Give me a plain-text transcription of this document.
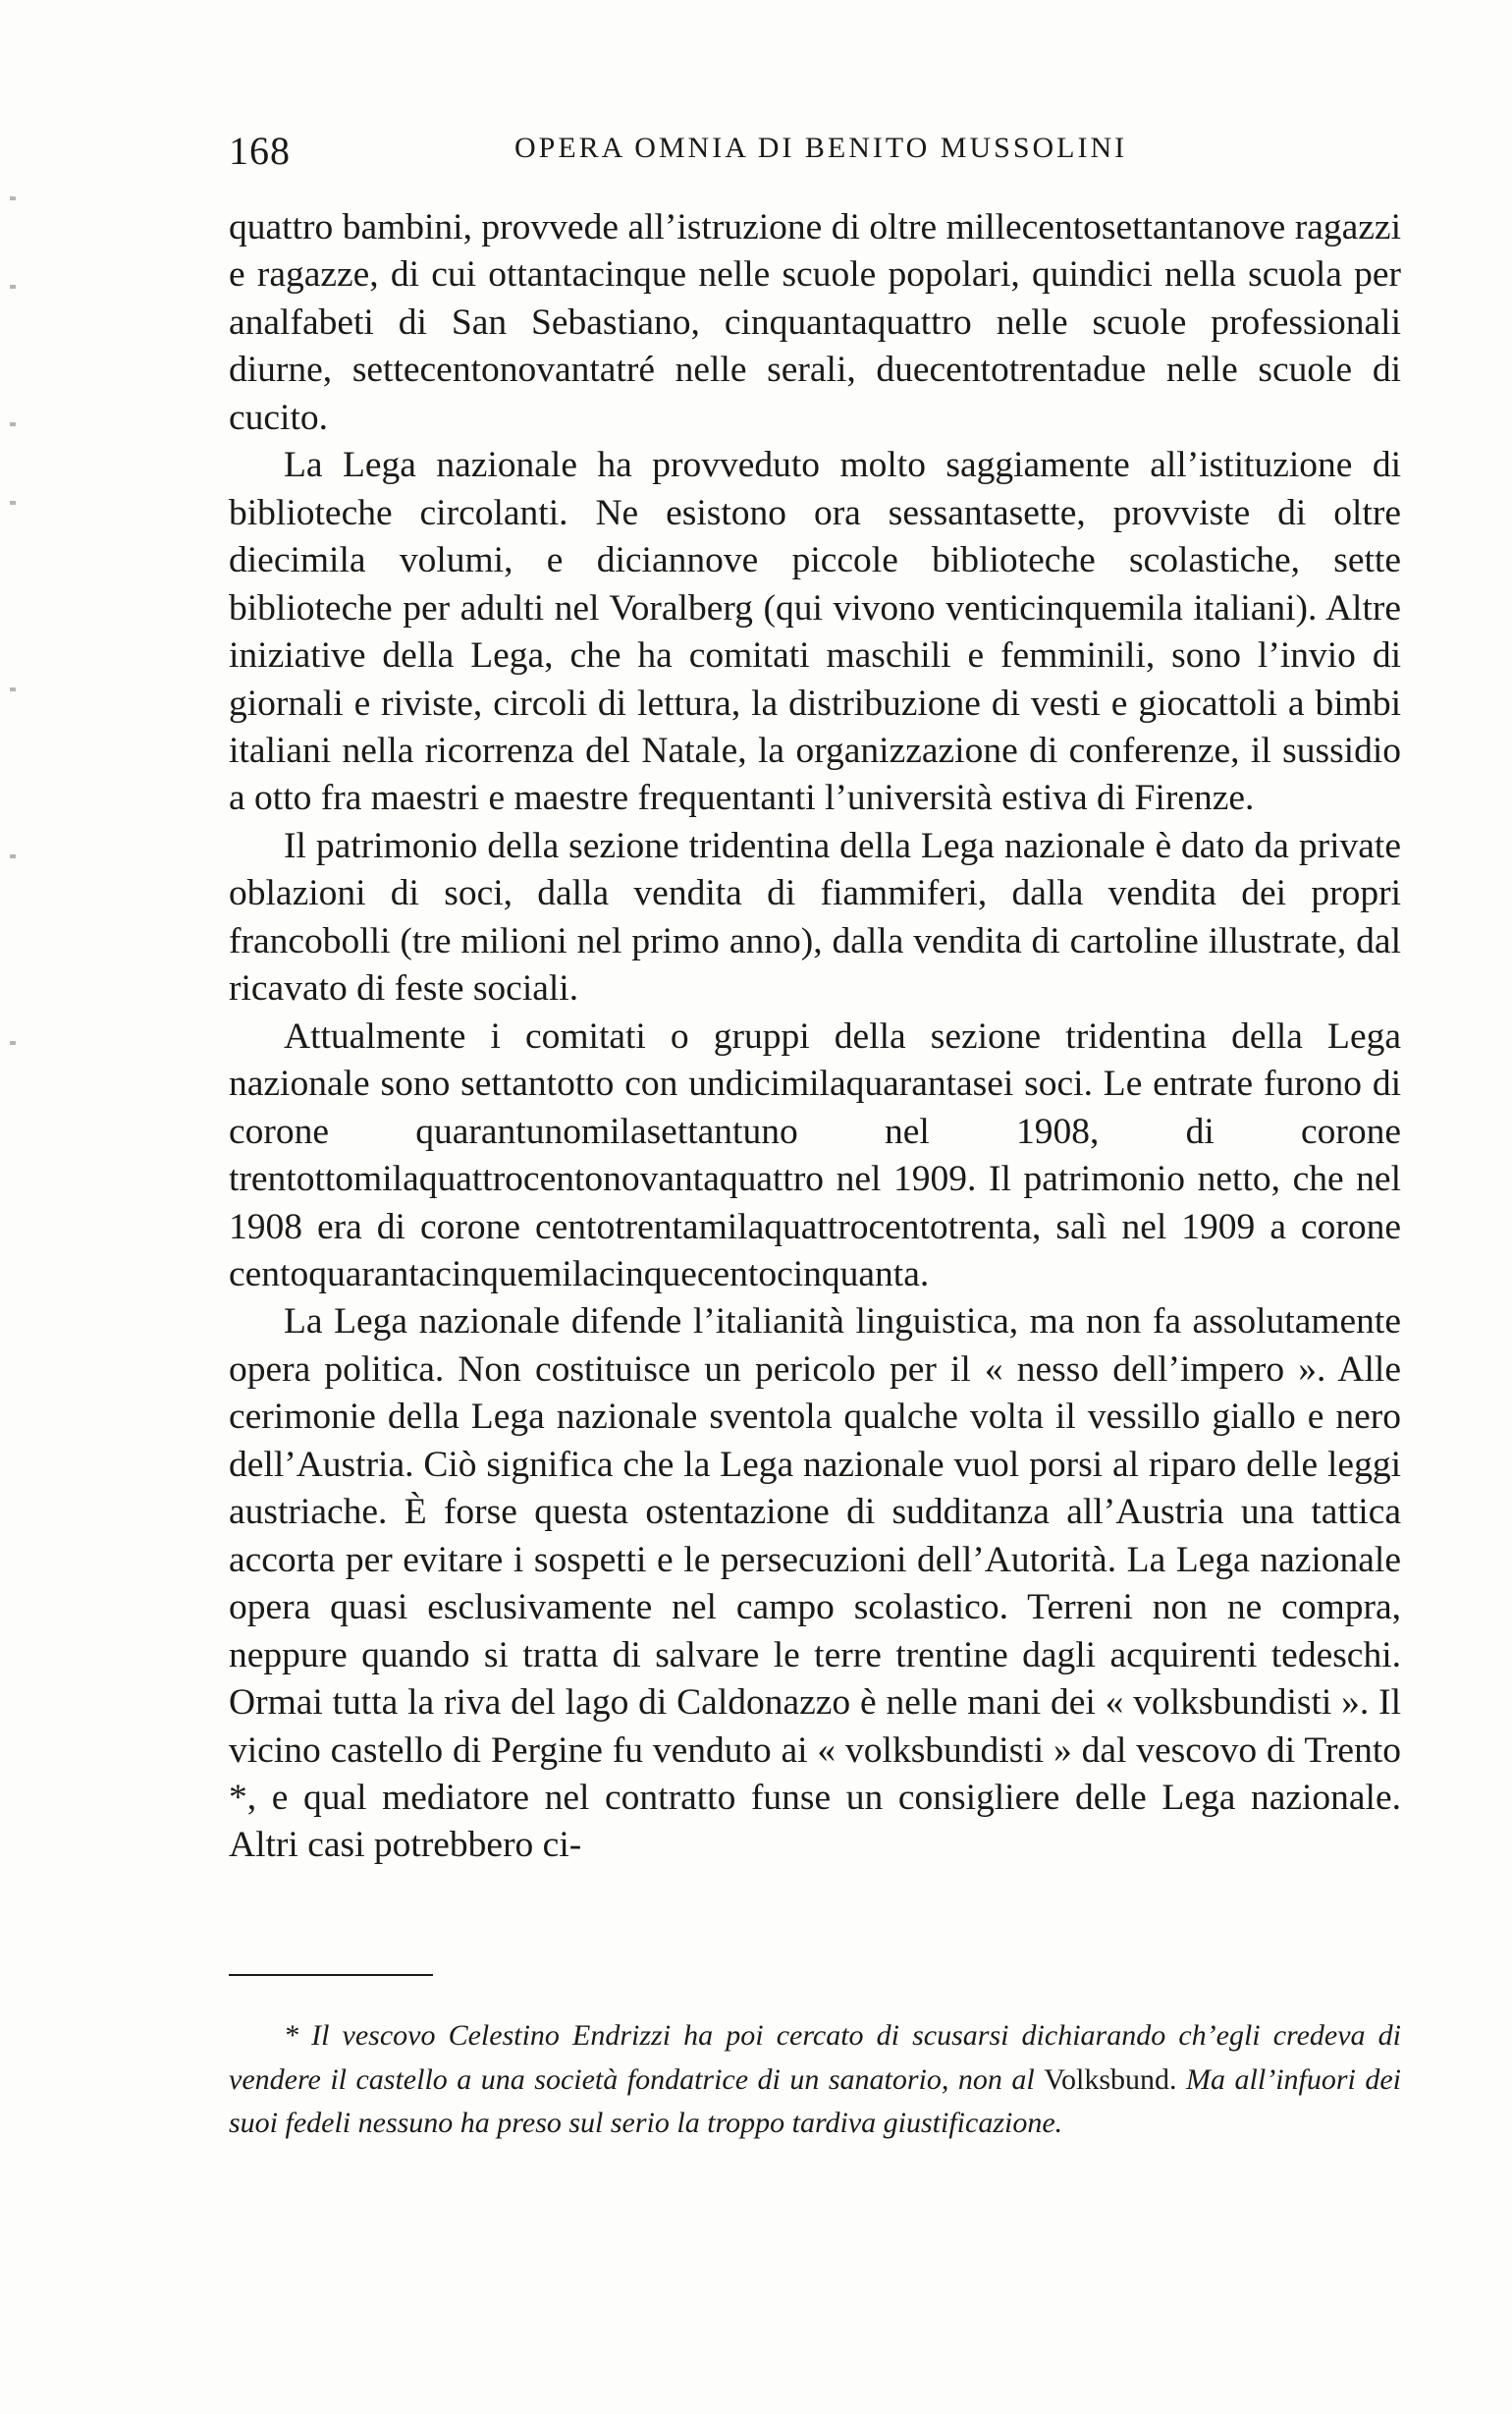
168	OPERA OMNIA DI BENITO MUSSOLINI

quattro bambini, provvede all’istruzione di oltre millecentosettantanove ragazzi e ragazze, di cui ottantacinque nelle scuole popolari, quindici nella scuola per analfabeti di San Sebastiano, cinquantaquattro nelle scuole professionali diurne, settecentonovantatré nelle serali, duecentotrentadue nelle scuole di cucito.

La Lega nazionale ha provveduto molto saggiamente all’istituzione di biblioteche circolanti. Ne esistono ora sessantasette, provviste di oltre diecimila volumi, e diciannove piccole biblioteche scolastiche, sette biblioteche per adulti nel Voralberg (qui vivono venticinquemila italiani). Altre iniziative della Lega, che ha comitati maschili e femminili, sono l’invio di giornali e riviste, circoli di lettura, la distribuzione di vesti e giocattoli a bimbi italiani nella ricorrenza del Natale, la organizzazione di conferenze, il sussidio a otto fra maestri e maestre frequentanti l’università estiva di Firenze.

Il patrimonio della sezione tridentina della Lega nazionale è dato da private oblazioni di soci, dalla vendita di fiammiferi, dalla vendita dei propri francobolli (tre milioni nel primo anno), dalla vendita di cartoline illustrate, dal ricavato di feste sociali.

Attualmente i comitati o gruppi della sezione tridentina della Lega nazionale sono settantotto con undicimilaquarantasei soci. Le entrate furono di corone quarantunomilasettantuno nel 1908, di corone trentottomilaquattrocentonovantaquattro nel 1909. Il patrimonio netto, che nel 1908 era di corone centotrentamilaquattrocentotrenta, salì nel 1909 a corone centoquarantacinquemilacinquecentocinquanta.

La Lega nazionale difende l’italianità linguistica, ma non fa assolutamente opera politica. Non costituisce un pericolo per il « nesso dell’impero ». Alle cerimonie della Lega nazionale sventola qualche volta il vessillo giallo e nero dell’Austria. Ciò significa che la Lega nazionale vuol porsi al riparo delle leggi austriache. È forse questa ostentazione di sudditanza all’Austria una tattica accorta per evitare i sospetti e le persecuzioni dell’Autorità. La Lega nazionale opera quasi esclusivamente nel campo scolastico. Terreni non ne compra, neppure quando si tratta di salvare le terre trentine dagli acquirenti tedeschi. Ormai tutta la riva del lago di Caldonazzo è nelle mani dei « volksbundisti ». Il vicino castello di Pergine fu venduto ai « volksbundisti » dal vescovo di Trento *, e qual mediatore nel contratto funse un consigliere delle Lega nazionale. Altri casi potrebbero ci-

* Il vescovo Celestino Endrizzi ha poi cercato di scusarsi dichiarando ch’egli credeva di vendere il castello a una società fondatrice di un sanatorio, non al Volksbund. Ma all’infuori dei suoi fedeli nessuno ha preso sul serio la troppo tardiva giustificazione.
